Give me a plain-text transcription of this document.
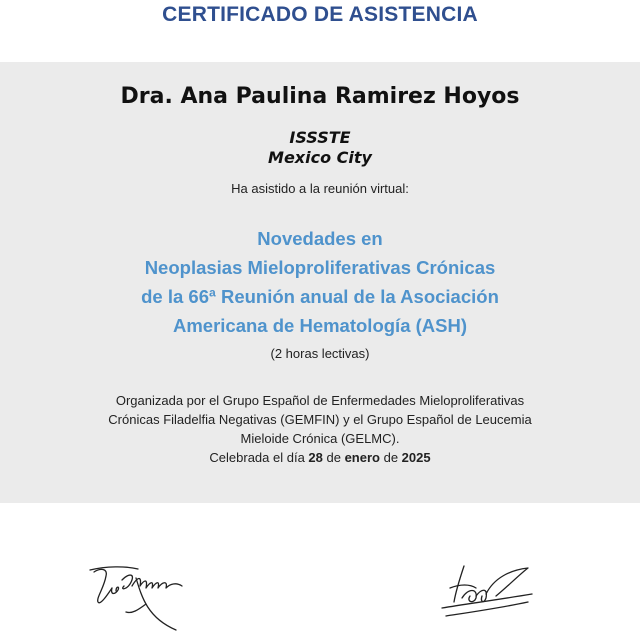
CERTIFICADO DE ASISTENCIA
Dra. Ana Paulina Ramirez Hoyos
ISSSTE
Mexico City
Ha asistido a la reunión virtual:
Novedades en
Neoplasias Mieloproliferativas Crónicas
de la 66ª Reunión anual de la Asociación
Americana de Hematología (ASH)
(2 horas lectivas)
Organizada por el Grupo Español de Enfermedades Mieloproliferativas
Crónicas Filadelfia Negativas (GEMFIN) y el Grupo Español de Leucemia
Mieloide Crónica (GELMC).
Celebrada el día 28 de enero de 2025
